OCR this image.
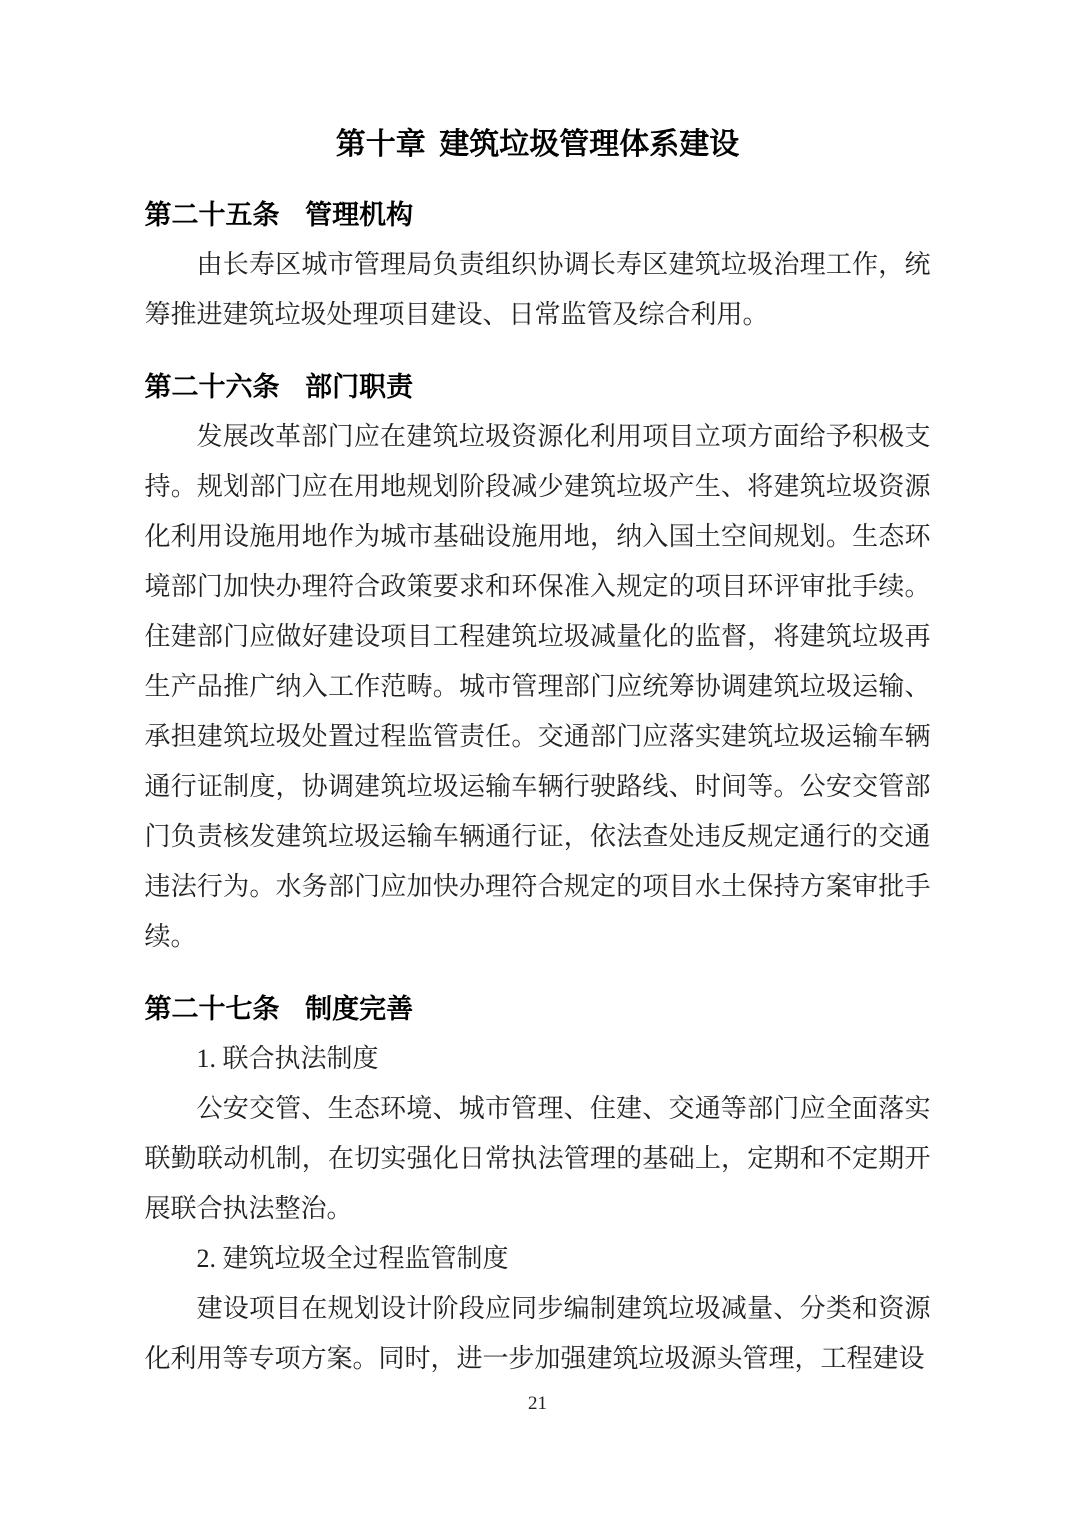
第十章 建筑垃圾管理体系建设
第二十五条 管理机构

由长寿区城市管理局负责组织协调长寿区建筑垃圾治理工作，统筹推进建筑垃圾处理项目建设、日常监管及综合利用。

第二十六条 部门职责

发展改革部门应在建筑垃圾资源化利用项目立项方面给予积极支持。规划部门应在用地规划阶段减少建筑垃圾产生、将建筑垃圾资源化利用设施用地作为城市基础设施用地，纳入国土空间规划。生态环境部门加快办理符合政策要求和环保准入规定的项目环评审批手续。住建部门应做好建设项目工程建筑垃圾减量化的监督，将建筑垃圾再生产品推广纳入工作范畴。城市管理部门应统筹协调建筑垃圾运输、承担建筑垃圾处置过程监管责任。交通部门应落实建筑垃圾运输车辆通行证制度，协调建筑垃圾运输车辆行驶路线、时间等。公安交管部门负责核发建筑垃圾运输车辆通行证，依法查处违反规定通行的交通违法行为。水务部门应加快办理符合规定的项目水土保持方案审批手续。

第二十七条 制度完善

1. 联合执法制度

公安交管、生态环境、城市管理、住建、交通等部门应全面落实联勤联动机制，在切实强化日常执法管理的基础上，定期和不定期开展联合执法整治。

2. 建筑垃圾全过程监管制度

建设项目在规划设计阶段应同步编制建筑垃圾减量、分类和资源化利用等专项方案。同时，进一步加强建筑垃圾源头管理，工程建设

21
